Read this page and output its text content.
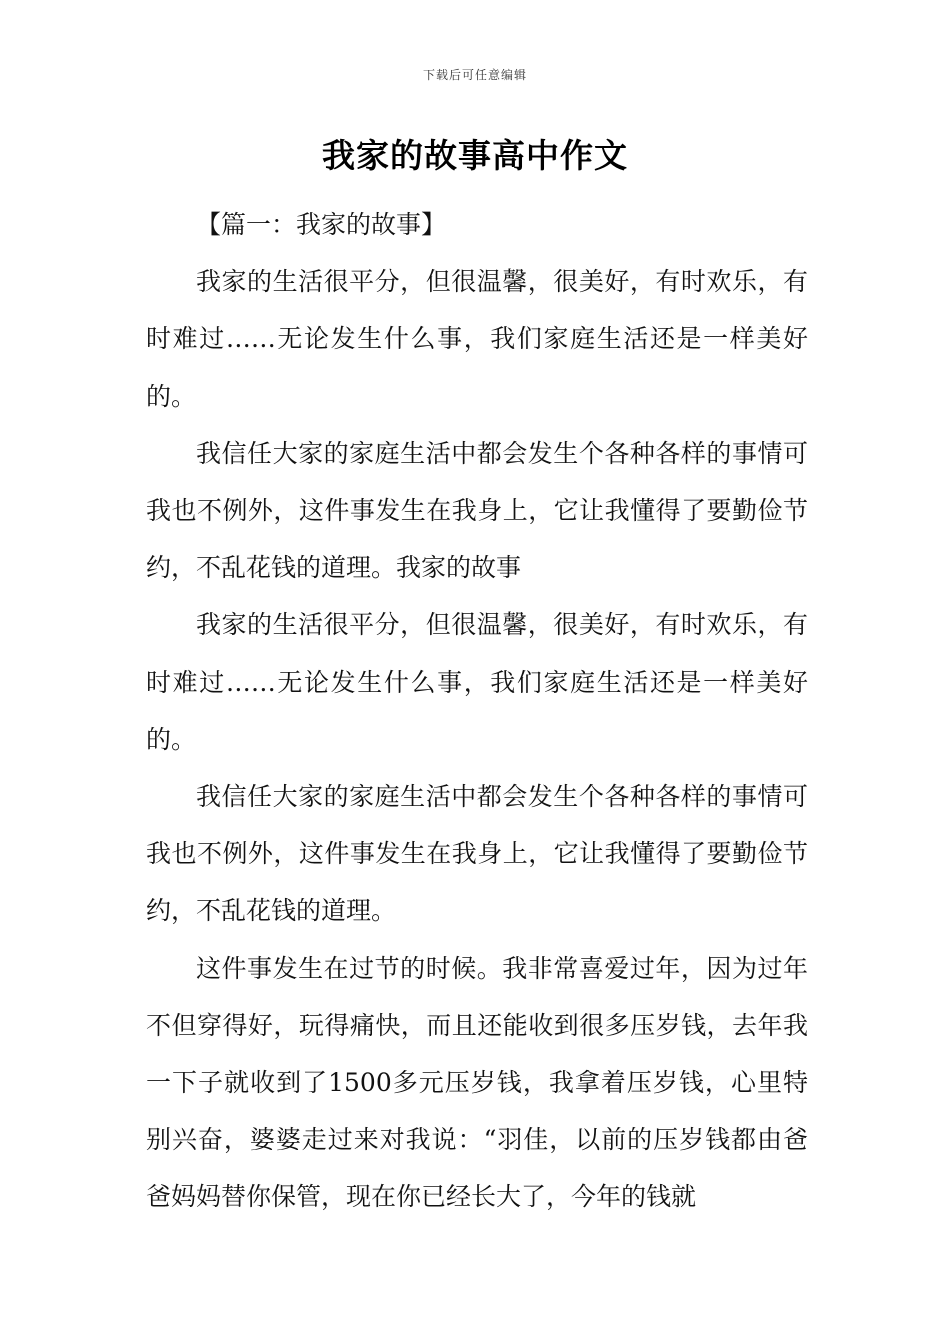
下载后可任意编辑
我家的故事高中作文

【篇一：我家的故事】

我家的生活很平分，但很温馨，很美好，有时欢乐，有时难过……无论发生什么事，我们家庭生活还是一样美好的。

我信任大家的家庭生活中都会发生个各种各样的事情可我也不例外，这件事发生在我身上，它让我懂得了要勤俭节约，不乱花钱的道理。我家的故事

我家的生活很平分，但很温馨，很美好，有时欢乐，有时难过……无论发生什么事，我们家庭生活还是一样美好的。

我信任大家的家庭生活中都会发生个各种各样的事情可我也不例外，这件事发生在我身上，它让我懂得了要勤俭节约，不乱花钱的道理。

这件事发生在过节的时候。我非常喜爱过年，因为过年不但穿得好，玩得痛快，而且还能收到很多压岁钱，去年我一下子就收到了1500多元压岁钱，我拿着压岁钱，心里特别兴奋，婆婆走过来对我说：“羽佳，以前的压岁钱都由爸爸妈妈替你保管，现在你已经长大了，今年的钱就
